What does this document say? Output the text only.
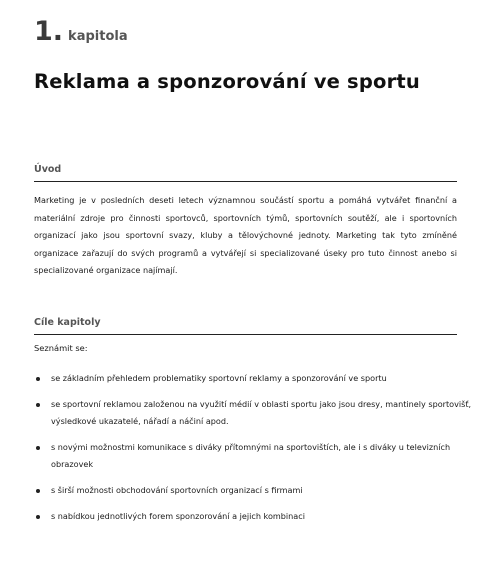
1. kapitola
Reklama a sponzorování ve sportu
Úvod

Marketing je v posledních deseti letech významnou součástí sportu a pomáhá vytvářet finanční a materiální zdroje pro činnosti sportovců, sportovních týmů, sportovních soutěží, ale i sportovních organizací jako jsou sportovní svazy, kluby a tělovýchovné jednoty. Marketing tak tyto zmíněné organizace zařazují do svých programů a vytvářejí si specializované úseky pro tuto činnost anebo si specializované organizace najímají.

Cíle kapitoly

Seznámit se:

se základním přehledem problematiky sportovní reklamy a sponzorování ve sportu
se sportovní reklamou založenou na využití médií v oblasti sportu jako jsou dresy, mantinely sportovišť, výsledkové ukazatelé, nářadí a náčiní apod.
s novými možnostmi komunikace s diváky přítomnými na sportovištích, ale i s diváky u televizních obrazovek
s širší možnosti obchodování sportovních organizací s firmami
s nabídkou jednotlivých forem sponzorování a jejich kombinaci
